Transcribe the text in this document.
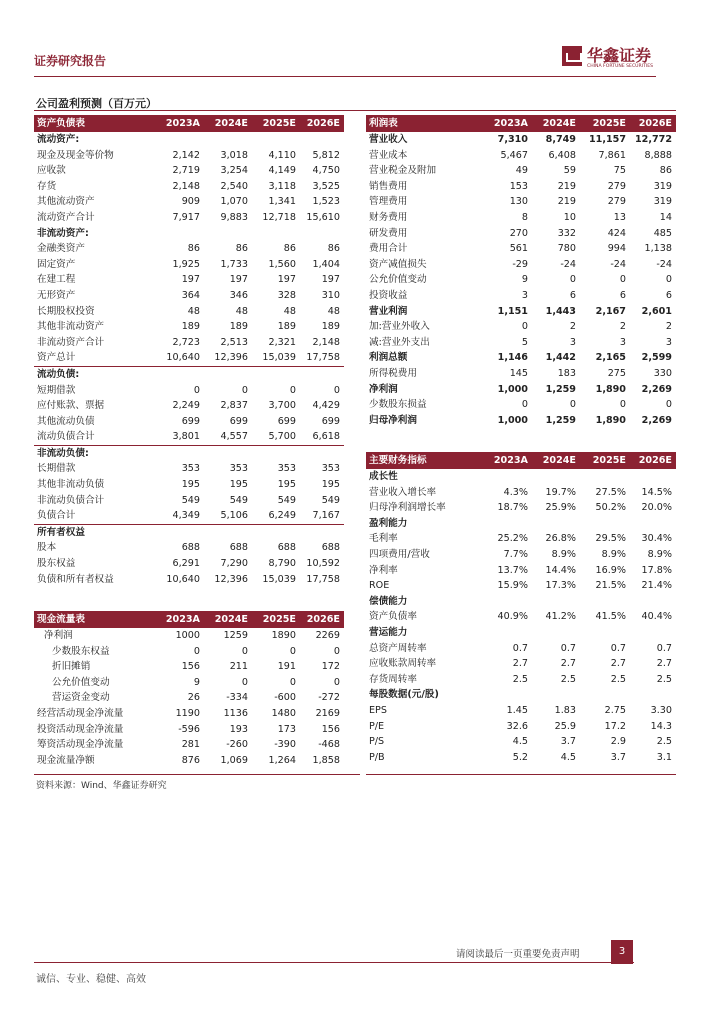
证券研究报告	华鑫证券
CHINA FORTUNE SECURITIES
公司盈利预测（百万元）
资产负债表	2023A	2024E	2025E	2026E
流动资产:				
现金及现金等价物	2,142	3,018	4,110	5,812
应收款	2,719	3,254	4,149	4,750
存货	2,148	2,540	3,118	3,525
其他流动资产	909	1,070	1,341	1,523
流动资产合计	7,917	9,883	12,718	15,610
非流动资产:				
金融类资产	86	86	86	86
固定资产	1,925	1,733	1,560	1,404
在建工程	197	197	197	197
无形资产	364	346	328	310
长期股权投资	48	48	48	48
其他非流动资产	189	189	189	189
非流动资产合计	2,723	2,513	2,321	2,148
资产总计	10,640	12,396	15,039	17,758
流动负债:				
短期借款	0	0	0	0
应付账款、票据	2,249	2,837	3,700	4,429
其他流动负债	699	699	699	699
流动负债合计	3,801	4,557	5,700	6,618
非流动负债:				
长期借款	353	353	353	353
其他非流动负债	195	195	195	195
非流动负债合计	549	549	549	549
负债合计	4,349	5,106	6,249	7,167
所有者权益				
股本	688	688	688	688
股东权益	6,291	7,290	8,790	10,592
负债和所有者权益	10,640	12,396	15,039	17,758
现金流量表	2023A	2024E	2025E	2026E
净利润	1000	1259	1890	2269
少数股东权益	0	0	0	0
折旧摊销	156	211	191	172
公允价值变动	9	0	0	0
营运资金变动	26	-334	-600	-272
经营活动现金净流量	1190	1136	1480	2169
投资活动现金净流量	-596	193	173	156
筹资活动现金净流量	281	-260	-390	-468
现金流量净额	876	1,069	1,264	1,858
利润表	2023A	2024E	2025E	2026E
营业收入	7,310	8,749	11,157	12,772
营业成本	5,467	6,408	7,861	8,888
营业税金及附加	49	59	75	86
销售费用	153	219	279	319
管理费用	130	219	279	319
财务费用	8	10	13	14
研发费用	270	332	424	485
费用合计	561	780	994	1,138
资产减值损失	-29	-24	-24	-24
公允价值变动	9	0	0	0
投资收益	3	6	6	6
营业利润	1,151	1,443	2,167	2,601
加:营业外收入	0	2	2	2
减:营业外支出	5	3	3	3
利润总额	1,146	1,442	2,165	2,599
所得税费用	145	183	275	330
净利润	1,000	1,259	1,890	2,269
少数股东损益	0	0	0	0
归母净利润	1,000	1,259	1,890	2,269
主要财务指标	2023A	2024E	2025E	2026E
成长性				
营业收入增长率	4.3%	19.7%	27.5%	14.5%
归母净利润增长率	18.7%	25.9%	50.2%	20.0%
盈利能力				
毛利率	25.2%	26.8%	29.5%	30.4%
四项费用/营收	7.7%	8.9%	8.9%	8.9%
净利率	13.7%	14.4%	16.9%	17.8%
ROE	15.9%	17.3%	21.5%	21.4%
偿债能力				
资产负债率	40.9%	41.2%	41.5%	40.4%
营运能力				
总资产周转率	0.7	0.7	0.7	0.7
应收账款周转率	2.7	2.7	2.7	2.7
存货周转率	2.5	2.5	2.5	2.5
每股数据(元/股)				
EPS	1.45	1.83	2.75	3.30
P/E	32.6	25.9	17.2	14.3
P/S	4.5	3.7	2.9	2.5
P/B	5.2	4.5	3.7	3.1
资料来源：Wind、华鑫证券研究
请阅读最后一页重要免责声明	3
诚信、专业、稳健、高效
